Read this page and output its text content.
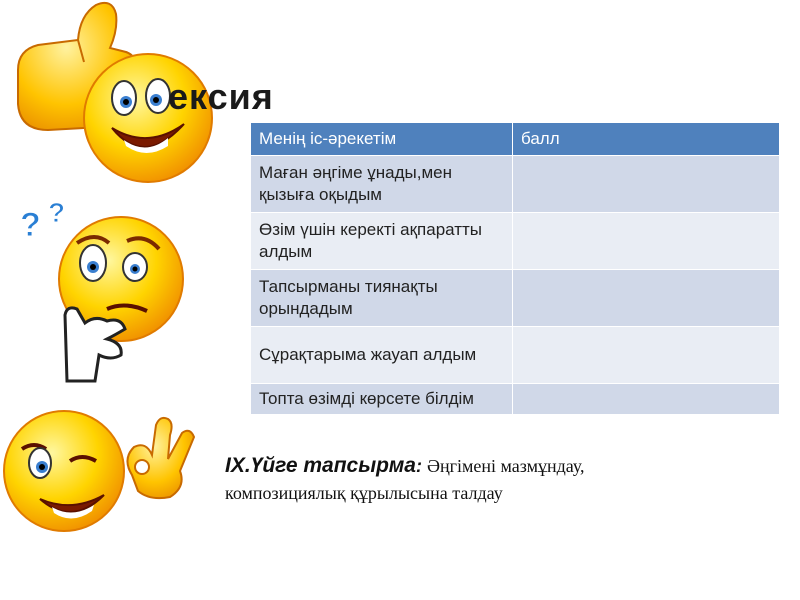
ексия
? ?
Менің іс-әрекетім	балл
Маған әңгіме ұнады,мен қызыға оқыдым	
Өзім үшін керекті ақпаратты алдым	
Тапсырманы тиянақты орындадым	
Сұрақтарыма жауап алдым	
Топта өзімді көрсете білдім	
IX.Үйге тапсырма: Әңгімені мазмұндау,
композициялық құрылысына талдау
